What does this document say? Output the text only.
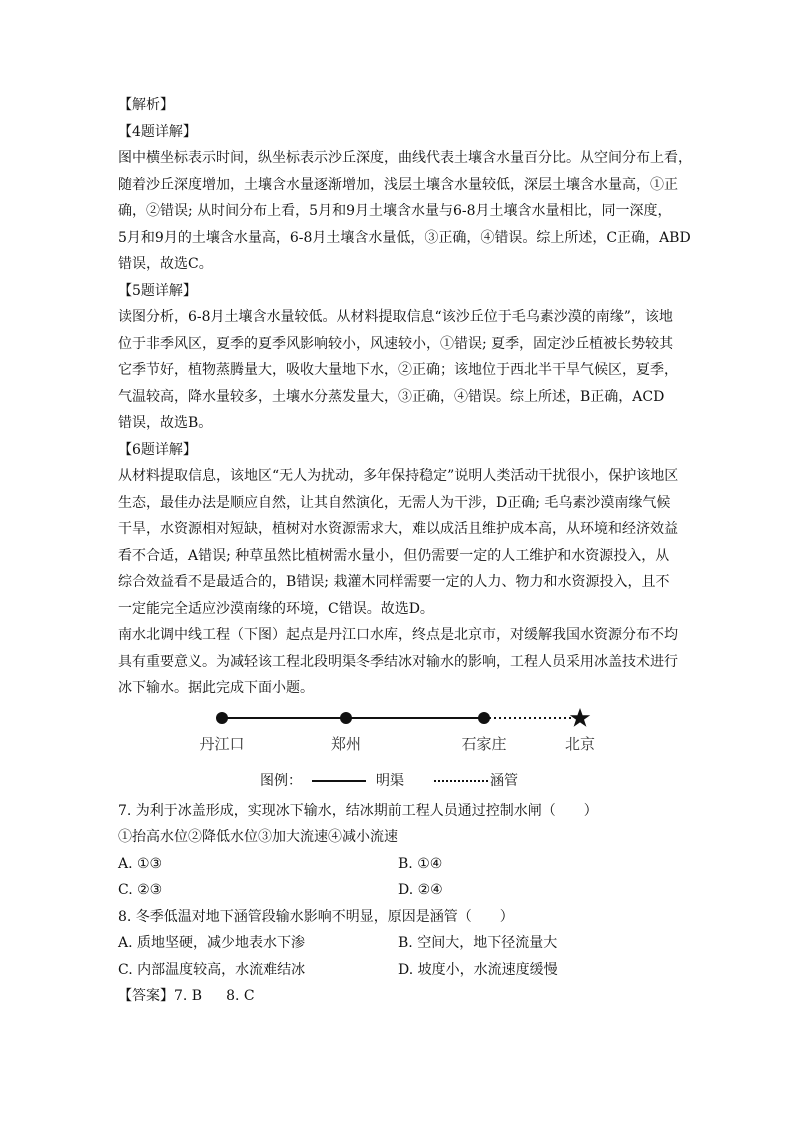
【解析】
【4题详解】
图中横坐标表示时间，纵坐标表示沙丘深度，曲线代表土壤含水量百分比。从空间分布上看，
随着沙丘深度增加，土壤含水量逐渐增加，浅层土壤含水量较低，深层土壤含水量高，①正
确，②错误; 从时间分布上看，5月和9月土壤含水量与6-8月土壤含水量相比，同一深度，
5月和9月的土壤含水量高，6-8月土壤含水量低，③正确，④错误。综上所述，C正确，ABD
错误，故选C。
【5题详解】
读图分析，6-8月土壤含水量较低。从材料提取信息“该沙丘位于毛乌素沙漠的南缘”，该地
位于非季风区，夏季的夏季风影响较小，风速较小，①错误; 夏季，固定沙丘植被长势较其
它季节好，植物蒸腾量大，吸收大量地下水，②正确；该地位于西北半干旱气候区，夏季，
气温较高，降水量较多，土壤水分蒸发量大，③正确，④错误。综上所述，B正确，ACD
错误，故选B。
【6题详解】
从材料提取信息，该地区“无人为扰动，多年保持稳定”说明人类活动干扰很小，保护该地区
生态，最佳办法是顺应自然，让其自然演化，无需人为干涉，D正确; 毛乌素沙漠南缘气候
干旱，水资源相对短缺，植树对水资源需求大，难以成活且维护成本高，从环境和经济效益
看不合适，A错误; 种草虽然比植树需水量小，但仍需要一定的人工维护和水资源投入，从
综合效益看不是最适合的，B错误; 栽灌木同样需要一定的人力、物力和水资源投入，且不
一定能完全适应沙漠南缘的环境，C错误。故选D。
南水北调中线工程（下图）起点是丹江口水库，终点是北京市，对缓解我国水资源分布不均
具有重要意义。为减轻该工程北段明渠冬季结冰对输水的影响，工程人员采用冰盖技术进行
冰下输水。据此完成下面小题。
丹江口	郑州	石家庄	北京
图例：	明渠	涵管
7. 为利于冰盖形成，实现冰下输水，结冰期前工程人员通过控制水闸（　　）
①抬高水位②降低水位③加大流速④减小流速
A. ①③	B. ①④
C. ②③	D. ②④
8. 冬季低温对地下涵管段输水影响不明显，原因是涵管（　　）
A. 质地坚硬，减少地表水下渗	B. 空间大，地下径流量大
C. 内部温度较高，水流难结冰	D. 坡度小，水流速度缓慢
【答案】7. B 8. C
